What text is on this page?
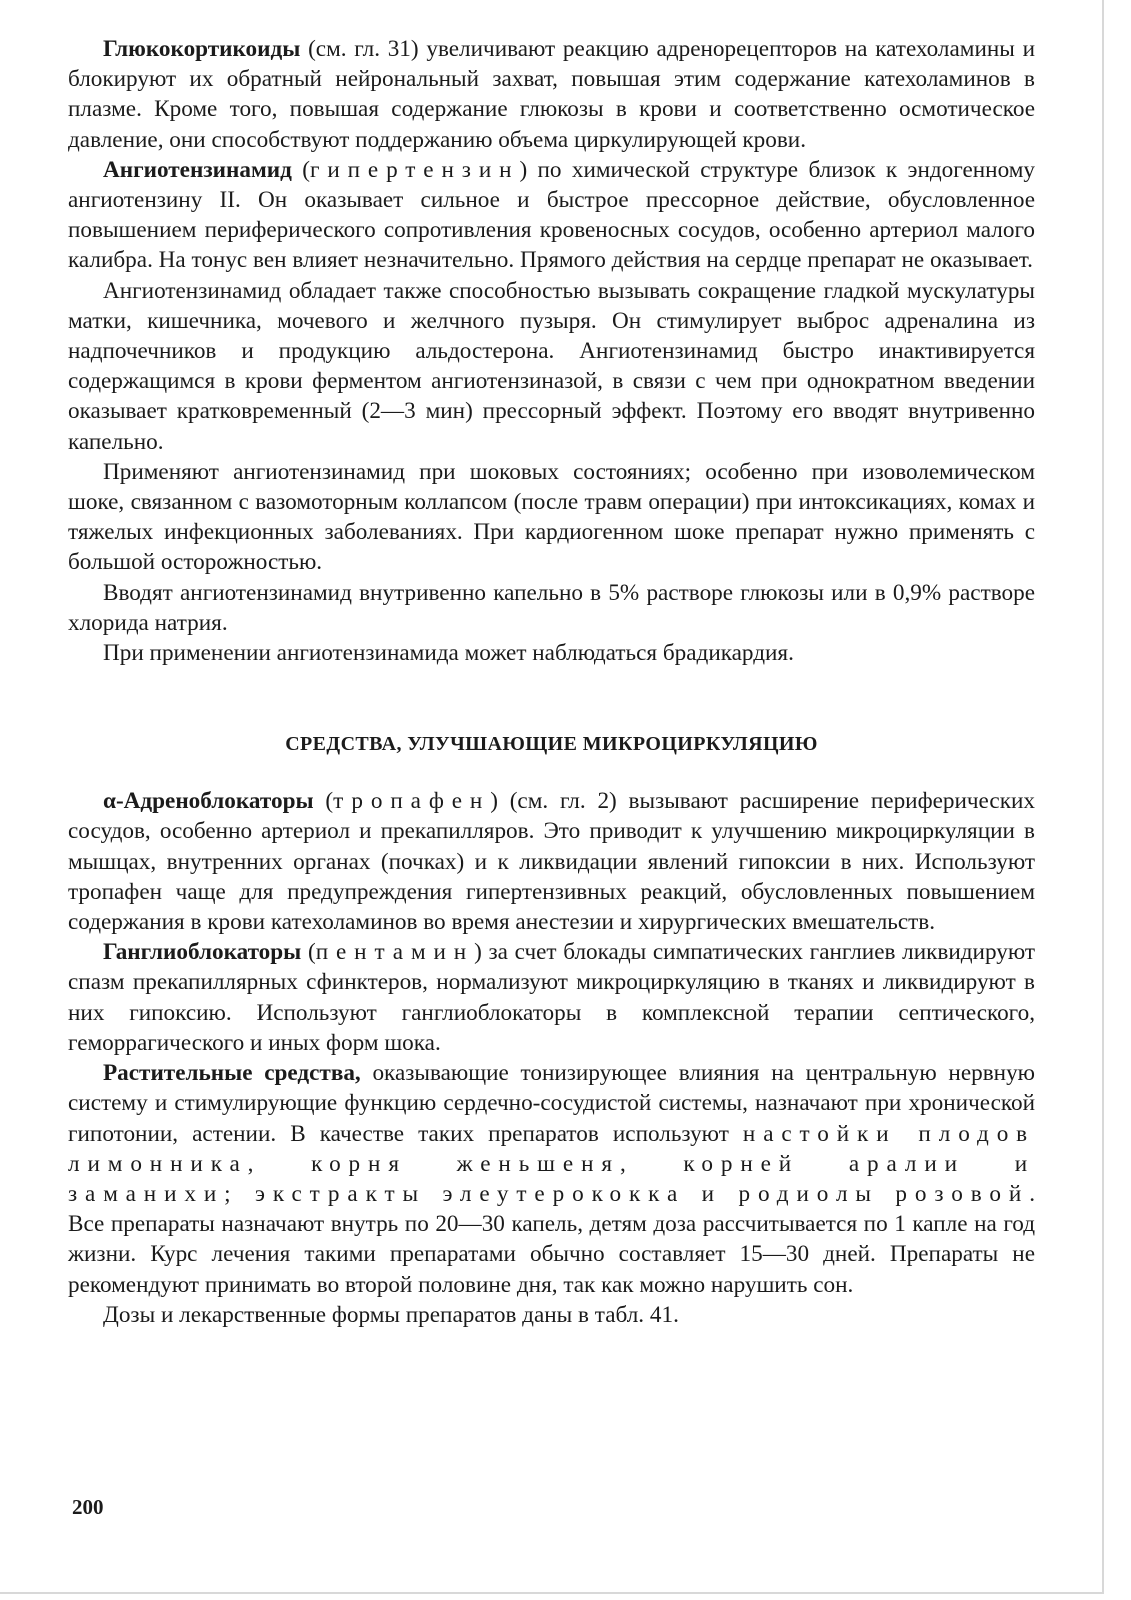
Глюкокортикоиды (см. гл. 31) увеличивают реакцию адренорецепторов на катехоламины и блокируют их обратный нейрональный захват, повышая этим содержание катехоламинов в плазме. Кроме того, повышая содержание глюкозы в крови и соответственно осмотическое давление, они способствуют поддержанию объема циркулирующей крови.

Ангиотензинамид (гипертензин) по химической структуре близок к эндогенному ангиотензину II. Он оказывает сильное и быстрое прессорное действие, обусловленное повышением периферического сопротивления кровеносных сосудов, особенно артериол малого калибра. На тонус вен влияет незначительно. Прямого действия на сердце препарат не оказывает.

Ангиотензинамид обладает также способностью вызывать сокращение гладкой мускулатуры матки, кишечника, мочевого и желчного пузыря. Он стимулирует выброс адреналина из надпочечников и продукцию альдостерона. Ангиотензинамид быстро инактивируется содержащимся в крови ферментом ангиотензиназой, в связи с чем при однократном введении оказывает кратковременный (2—3 мин) прессорный эффект. Поэтому его вводят внутривенно капельно.

Применяют ангиотензинамид при шоковых состояниях; особенно при изоволемическом шоке, связанном с вазомоторным коллапсом (после травм операции) при интоксикациях, комах и тяжелых инфекционных заболеваниях. При кардиогенном шоке препарат нужно применять с большой осторожностью.

Вводят ангиотензинамид внутривенно капельно в 5% растворе глюкозы или в 0,9% растворе хлорида натрия.

При применении ангиотензинамида может наблюдаться брадикардия.

СРЕДСТВА, УЛУЧШАЮЩИЕ МИКРОЦИРКУЛЯЦИЮ

α-Адреноблокаторы (тропафен) (см. гл. 2) вызывают расширение периферических сосудов, особенно артериол и прекапилляров. Это приводит к улучшению микроциркуляции в мышцах, внутренних органах (почках) и к ликвидации явлений гипоксии в них. Используют тропафен чаще для предупреждения гипертензивных реакций, обусловленных повышением содержания в крови катехоламинов во время анестезии и хирургических вмешательств.

Ганглиоблокаторы (пентамин) за счет блокады симпатических ганглиев ликвидируют спазм прекапиллярных сфинктеров, нормализуют микроциркуляцию в тканях и ликвидируют в них гипоксию. Используют ганглиоблокаторы в комплексной терапии септического, геморрагического и иных форм шока.

Растительные средства, оказывающие тонизирующее влияния на центральную нервную систему и стимулирующие функцию сердечно-сосудистой системы, назначают при хронической гипотонии, астении. В качестве таких препаратов используют настойки плодов лимонника, корня женьшеня, корней аралии и заманихи; экстракты элеутерококка и родиолы розовой. Все препараты назначают внутрь по 20—30 капель, детям доза рассчитывается по 1 капле на год жизни. Курс лечения такими препаратами обычно составляет 15—30 дней. Препараты не рекомендуют принимать во второй половине дня, так как можно нарушить сон.

Дозы и лекарственные формы препаратов даны в табл. 41.

200
